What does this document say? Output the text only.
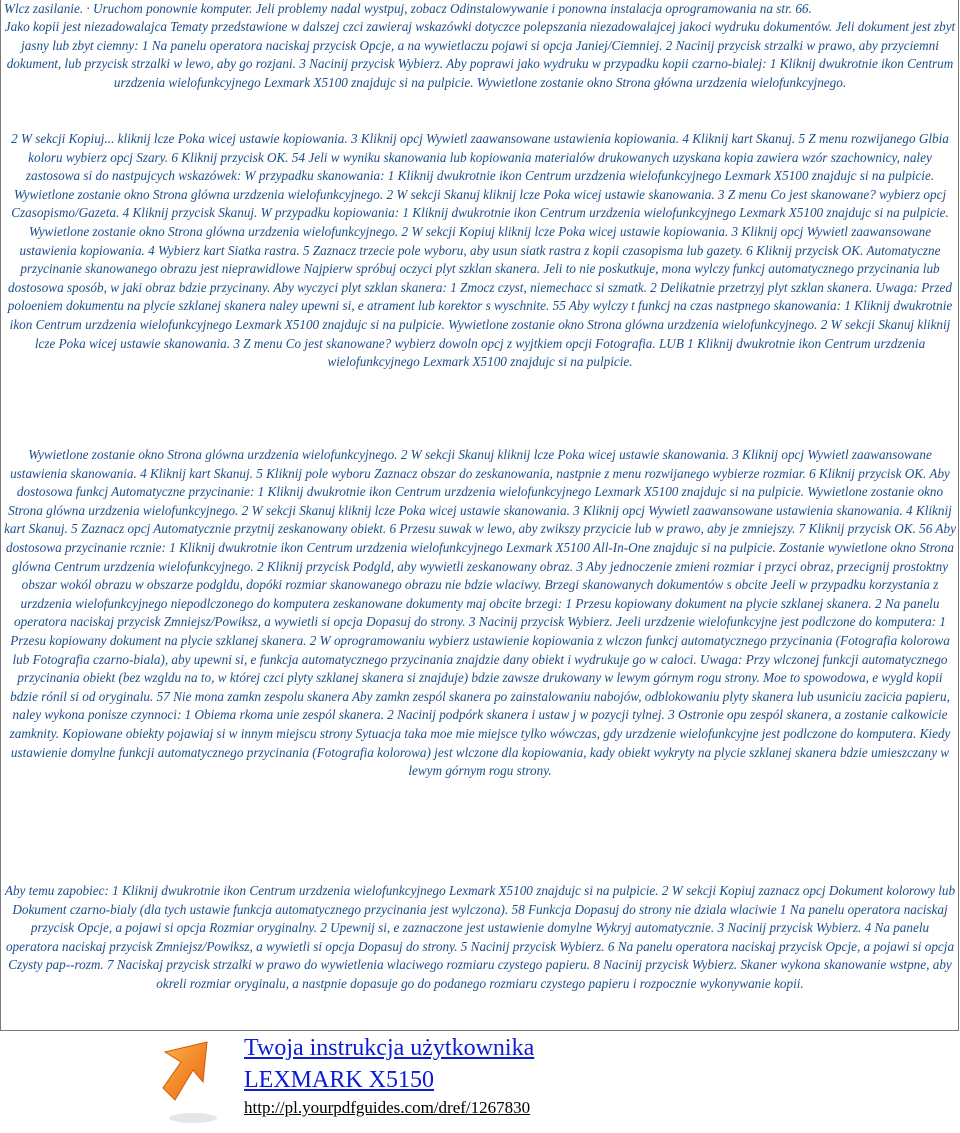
Wlcz zasilanie. · Uruchom ponownie komputer. Jeli problemy nadal wystpuj, zobacz Odinstalowywanie i ponowna instalacja oprogramowania na str. 66.
Jako kopii jest niezadowalajca Tematy przedstawione w dalszej czci zawieraj wskazówki dotyczce polepszania niezadowalajcej jakoci wydruku dokumentów. Jeli dokument jest zbyt jasny lub zbyt ciemny: 1 Na panelu operatora naciskaj przycisk Opcje, a na wywietlaczu pojawi si opcja Janiej/Ciemniej. 2 Nacinij przycisk strzalki w prawo, aby przyciemni dokument, lub przycisk strzalki w lewo, aby go rozjani. 3 Nacinij przycisk Wybierz. Aby poprawi jako wydruku w przypadku kopii czarno-bialej: 1 Kliknij dwukrotnie ikon Centrum urzdzenia wielofunkcyjnego Lexmark X5100 znajdujc si na pulpicie. Wywietlone zostanie okno Strona główna urzdzenia wielofunkcyjnego.
2 W sekcji Kopiuj... kliknij lcze Poka wicej ustawie kopiowania. 3 Kliknij opcj Wywietl zaawansowane ustawienia kopiowania. 4 Kliknij kart Skanuj. 5 Z menu rozwijanego Glbia koloru wybierz opcj Szary. 6 Kliknij przycisk OK. 54 Jeli w wyniku skanowania lub kopiowania materialów drukowanych uzyskana kopia zawiera wzór szachownicy, naley zastosowa si do nastpujcych wskazówek: W przypadku skanowania: 1 Kliknij dwukrotnie ikon Centrum urzdzenia wielofunkcyjnego Lexmark X5100 znajdujc si na pulpicie. Wywietlone zostanie okno Strona glówna urzdzenia wielofunkcyjnego. 2 W sekcji Skanuj kliknij lcze Poka wicej ustawie skanowania. 3 Z menu Co jest skanowane? wybierz opcj Czasopismo/Gazeta. 4 Kliknij przycisk Skanuj. W przypadku kopiowania: 1 Kliknij dwukrotnie ikon Centrum urzdzenia wielofunkcyjnego Lexmark X5100 znajdujc si na pulpicie. Wywietlone zostanie okno Strona glówna urzdzenia wielofunkcyjnego. 2 W sekcji Kopiuj kliknij lcze Poka wicej ustawie kopiowania. 3 Kliknij opcj Wywietl zaawansowane ustawienia kopiowania. 4 Wybierz kart Siatka rastra. 5 Zaznacz trzecie pole wyboru, aby usun siatk rastra z kopii czasopisma lub gazety. 6 Kliknij przycisk OK. Automatyczne przycinanie skanowanego obrazu jest nieprawidlowe Najpierw spróbuj oczyci plyt szklan skanera. Jeli to nie poskutkuje, mona wylczy funkcj automatycznego przycinania lub dostosowa sposób, w jaki obraz bdzie przycinany. Aby wyczyci plyt szklan skanera: 1 Zmocz czyst, niemechacc si szmatk. 2 Delikatnie przetrzyj plyt szklan skanera. Uwaga: Przed poloeniem dokumentu na plycie szklanej skanera naley upewni si, e atrament lub korektor s wyschnite. 55 Aby wylczy t funkcj na czas nastpnego skanowania: 1 Kliknij dwukrotnie ikon Centrum urzdzenia wielofunkcyjnego Lexmark X5100 znajdujc si na pulpicie. Wywietlone zostanie okno Strona glówna urzdzenia wielofunkcyjnego. 2 W sekcji Skanuj kliknij lcze Poka wicej ustawie skanowania. 3 Z menu Co jest skanowane? wybierz dowoln opcj z wyjtkiem opcji Fotografia. LUB 1 Kliknij dwukrotnie ikon Centrum urzdzenia wielofunkcyjnego Lexmark X5100 znajdujc si na pulpicie.
Wywietlone zostanie okno Strona glówna urzdzenia wielofunkcyjnego. 2 W sekcji Skanuj kliknij lcze Poka wicej ustawie skanowania. 3 Kliknij opcj Wywietl zaawansowane ustawienia skanowania. 4 Kliknij kart Skanuj. 5 Kliknij pole wyboru Zaznacz obszar do zeskanowania, nastpnie z menu rozwijanego wybierze rozmiar. 6 Kliknij przycisk OK. Aby dostosowa funkcj Automatyczne przycinanie: 1 Kliknij dwukrotnie ikon Centrum urzdzenia wielofunkcyjnego Lexmark X5100 znajdujc si na pulpicie. Wywietlone zostanie okno Strona glówna urzdzenia wielofunkcyjnego. 2 W sekcji Skanuj kliknij lcze Poka wicej ustawie skanowania. 3 Kliknij opcj Wywietl zaawansowane ustawienia skanowania. 4 Kliknij kart Skanuj. 5 Zaznacz opcj Automatycznie przytnij zeskanowany obiekt. 6 Przesu suwak w lewo, aby zwikszy przycicie lub w prawo, aby je zmniejszy. 7 Kliknij przycisk OK. 56 Aby dostosowa przycinanie rcznie: 1 Kliknij dwukrotnie ikon Centrum urzdzenia wielofunkcyjnego Lexmark X5100 All-In-One znajdujc si na pulpicie. Zostanie wywietlone okno Strona glówna Centrum urzdzenia wielofunkcyjnego. 2 Kliknij przycisk Podgld, aby wywietli zeskanowany obraz. 3 Aby jednoczenie zmieni rozmiar i przyci obraz, przecignij prostoktny obszar wokól obrazu w obszarze podgldu, dopóki rozmiar skanowanego obrazu nie bdzie wlaciwy. Brzegi skanowanych dokumentów s obcite Jeeli w przypadku korzystania z urzdzenia wielofunkcyjnego niepodlczonego do komputera zeskanowane dokumenty maj obcite brzegi: 1 Przesu kopiowany dokument na plycie szklanej skanera. 2 Na panelu operatora naciskaj przycisk Zmniejsz/Powiksz, a wywietli si opcja Dopasuj do strony. 3 Nacinij przycisk Wybierz. Jeeli urzdzenie wielofunkcyjne jest podlczone do komputera: 1 Przesu kopiowany dokument na plycie szklanej skanera. 2 W oprogramowaniu wybierz ustawienie kopiowania z wlczon funkcj automatycznego przycinania (Fotografia kolorowa lub Fotografia czarno-biala), aby upewni si, e funkcja automatycznego przycinania znajdzie dany obiekt i wydrukuje go w caloci. Uwaga: Przy wlczonej funkcji automatycznego przycinania obiekt (bez wzgldu na to, w której czci plyty szklanej skanera si znajduje) bdzie zawsze drukowany w lewym górnym rogu strony. Moe to spowodowa, e wygld kopii bdzie rónil si od oryginalu. 57 Nie mona zamkn zespolu skanera Aby zamkn zespól skanera po zainstalowaniu nabojów, odblokowaniu plyty skanera lub usuniciu zacicia papieru, naley wykona ponisze czynnoci: 1 Obiema rkoma unie zespól skanera. 2 Nacinij podpórk skanera i ustaw j w pozycji tylnej. 3 Ostronie opu zespól skanera, a zostanie calkowicie zamknity. Kopiowane obiekty pojawiaj si w innym miejscu strony Sytuacja taka moe mie miejsce tylko wówczas, gdy urzdzenie wielofunkcyjne jest podlczone do komputera. Kiedy ustawienie domylne funkcji automatycznego przycinania (Fotografia kolorowa) jest wlczone dla kopiowania, kady obiekt wykryty na plycie szklanej skanera bdzie umieszczany w lewym górnym rogu strony.
Aby temu zapobiec: 1 Kliknij dwukrotnie ikon Centrum urzdzenia wielofunkcyjnego Lexmark X5100 znajdujc si na pulpicie. 2 W sekcji Kopiuj zaznacz opcj Dokument kolorowy lub Dokument czarno-bialy (dla tych ustawie funkcja automatycznego przycinania jest wylczona). 58 Funkcja Dopasuj do strony nie dziala wlaciwie 1 Na panelu operatora naciskaj przycisk Opcje, a pojawi si opcja Rozmiar oryginalny. 2 Upewnij si, e zaznaczone jest ustawienie domylne Wykryj automatycznie. 3 Nacinij przycisk Wybierz. 4 Na panelu operatora naciskaj przycisk Zmniejsz/Powiksz, a wywietli si opcja Dopasuj do strony. 5 Nacinij przycisk Wybierz. 6 Na panelu operatora naciskaj przycisk Opcje, a pojawi si opcja Czysty pap--rozm. 7 Naciskaj przycisk strzalki w prawo do wywietlenia wlaciwego rozmiaru czystego papieru. 8 Nacinij przycisk Wybierz. Skaner wykona skanowanie wstpne, aby okreli rozmiar oryginalu, a nastpnie dopasuje go do podanego rozmiaru czystego papieru i rozpocznie wykonywanie kopii.
Twoja instrukcja użytkownika
LEXMARK X5150
http://pl.yourpdfguides.com/dref/1267830
